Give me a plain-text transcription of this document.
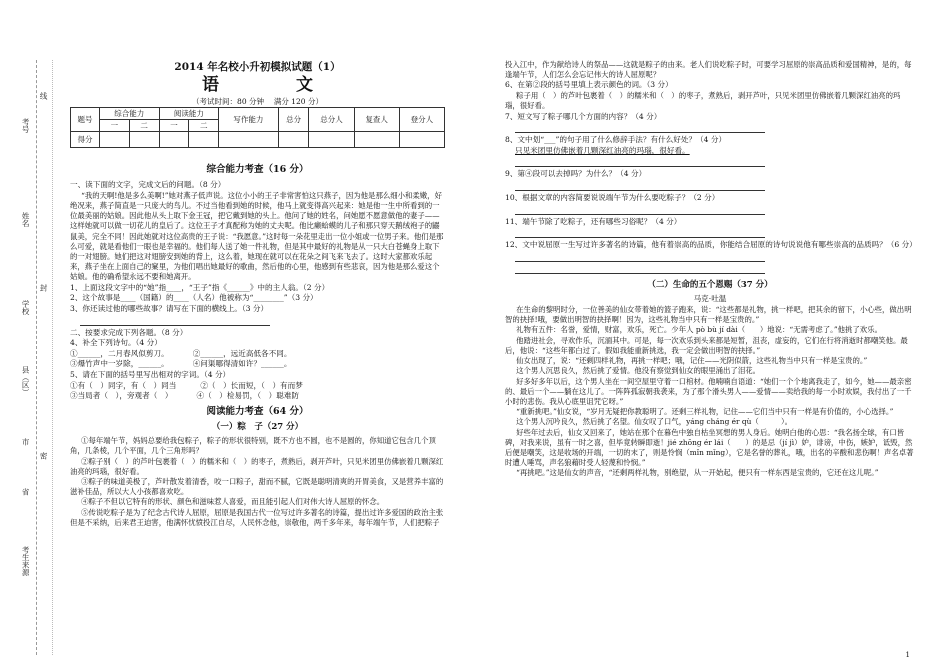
考号
线
姓名
封
学校
县（区）
市
密
省
考生来源
2014 年名校小升初模拟试题（1）
语　文
（考试时间：80 分钟　 满分 120 分）
题号	综合能力		阅读能力		写作能力	总分	总分人	复查人	登分人
	一	二	一	二					
得分									
综合能力考查（16 分）

一、读下面的文字，完成文后的问题。（8 分）

“我的天啊!他是多么美啊!”她对燕子低声说。这位小小的王子非常害怕这只燕子，因为他是那么细小和柔嫩，好绝况来，燕子简直是一只庞大的鸟儿。不过当他看到她的时候，他马上就变得高兴起来：她是他一生中所看到的一位最美丽的姑娘。因此他从头上取下金王冠，把它戴到她的头上。他问了她的姓名，问她愿不愿意做他的妻子——这样她就可以做一切花儿的皇后了。这位王子才真配称为她的丈夫呢。他比癞蛤蟆的儿子和那只穿天鹅绒袍子的鼹鼠美，完全不同！因此她就对这位高贵的王子说：“我愿意。”这时每一朵花里走出一位小姐或一位男子来。他们是那么可爱，就是看他们一眼也是幸福的。他们每人送了她一件礼物，但是其中最好的礼物是从一只大白苍蝇身上取下的一对翅膀。她们把这对翅膀安到她的背上，这么着，她现在就可以在花朵之间飞来飞去了。这时大家都欢乐起来，燕子坐在上面自己的窠里，为他们唱出她最好的歌曲，然后他的心里，他感到有些悲哀，因为他是那么爱这个姑娘。他的确希望永远不要和她离开。

1、上面这段文字中的“她”指____，“王子”指《______》中的主人翁。（2 分）

2、这个故事是____（国籍）的____（人名）他被称为“________”（3 分）

3、你还读过他的哪些故事？请写在下面的横线上。（3 分）

二、按要求完成下列各题。（8 分）

4、补全下列诗句。（4 分）

①______，二月春风似剪刀。	②______，远近高低各不同。
③爆竹声中一岁除，______。	④问渠哪得清如许？______。

5、请在下面的括号里写出相对的字词。（4 分）

①有（　）同字，有（　）同当	②（　）长而短，（　）有而梦
③当局者（　），旁观者（　）	④（　）检易罚，（　）聪难防
阅读能力考查（64 分）
（一）粽　子（27 分）

①每年端午节，妈妈总要给我包粽子，粽子的形状很特别，既不方也不圆，也不是圆的，你知道它包含几个顶角，几条棱，几个平面，几个三角形吗？

②粽子别（　）的芦叶包裹着（　）的糯米和（　）的枣子，煮熟后，剥开芦叶，只见米团里仿佛嵌着几颗深红油亮的玛瑙，很好看。

③粽子的味道美极了，芦叶散发着清香，咬一口粽子，甜而不腻，它既是聪明清爽的开胃美食，又是营养丰富的滋补佳品，所以大人小孩都喜欢吃。

④粽子不但以它特有的形状、颜色和滋味惹人喜爱，而且能引起人们对伟大诗人屈原的怀念。

⑤传说吃粽子是为了纪念古代诗人屈原，屈原是我国古代一位写过许多著名的诗篇，提出过许多爱国的政治主张但是不采纳，后来君王迫害，他满怀忧愤投江自尽，人民怀念他，崇敬他，两千多年来，每年端午节，人们把粽子

投入江中，作为献给诗人的祭品——这就是粽子的由来。老人们说吃粽子时，可要学习屈原的崇高品质和爱国精神，是的，每逢端午节，人们怎么会忘记伟大的诗人屈原呢？

6、在第②段的括号里填上表示颜色的词。（3 分）

粽子用（　）的芦叶包裹着（　）的糯米和（　）的枣子，煮熟后，剥开芦叶，只见米团里仿佛嵌着几颗深红油亮的玛瑙，很好看。

7、短文写了粽子哪几个方面的内容？（4 分）

8、文中划“___”的句子用了什么修辞手法？有什么好处？（4 分）

只见米团里仿佛嵌着几颗深红油亮的玛瑙，很好看。

9、第④段可以去掉吗？为什么？（4 分）

10、根据文章的内容简要说说端午节为什么要吃粽子？（2 分）

11、端午节除了吃粽子，还有哪些习俗呢？（4 分）

12、文中说屈原一生写过许多著名的诗篇，他有着崇高的品质，你能结合屈原的诗句说说他有哪些崇高的品质吗？（6 分）

（二）生命的五个恩赐（37 分）
马克·吐温

在生命的黎明时分，一位善美的仙女带着她的篮子跑来，说：“这些都是礼物，挑一样吧，把其余的留下，小心些，做出明智的抉择!哦，要做出明智的抉择啊！因为，这些礼物当中只有一样是宝贵的。”

礼物有五件：名誉，爱情，财富，欢乐，死亡。少年人 pò bù jí dài（　　）地说：“无需考虑了。”他挑了欢乐。

他踏进社会，寻欢作乐，沉湎其中。可是，每一次欢乐到头来都是短暂，沮丧，虚妄的，它们在行将消逝时都嘲笑他。最后，他说：“这些年都白过了。假如我能重新挑选，我一定会做出明智的抉择。”

仙女出现了，说：“还剩四样礼物，再挑一样吧；哦，记住——光阴似箭，这些礼物当中只有一样是宝贵的。”

这个男人沉思良久，然后挑了爱情。他没有察觉到仙女的眼里涌出了泪花。

好多好多年以后，这个男人坐在一间空屋里守着一口棺材。他喃喃自语道：“她们一个个地离我走了，如今，她——最亲密的、最后一个——躺在这儿了。一阵阵孤寂朝我袭来，为了那个滑头男人——爱情——卖给我的每一小时欢娱，我付出了一千小时的悲伤。我从心底里诅咒它呀。”

“重新挑吧。”仙女说，“岁月无疑把你教聪明了。还剩三样礼物，记住——它们当中只有一样是有价值的，小心选择。”

这个男人沉吟良久，然后挑了名望。仙女叹了口气，yáng cháng ér qù（　　　）。

好些年过去后，仙女又回来了，她站在那个在暮色中独自枯坐冥想的男人身后。她明白他的心思：“我名扬全球，有口皆碑，对我来说，虽有一时之喜，但毕竟转瞬即逝！jié zhōng ér lái（　　）的是忌（jí jì）妒，诽谤，中伤，嫉妒，诋毁，然后便是嘲笑，这是收场的开端，一切的末了，则是怜悯（mǐn mǐng），它是名誉的葬礼，哦，出名的辛酸和悲伤啊！声名卓著时遭人唾骂，声名狼藉时受人轻蔑和怜悯。”

“再挑吧。”这是仙女的声音，“还剩两样礼物，别绝望，从一开始起，便只有一样东西是宝贵的，它还在这儿呢。”

1
